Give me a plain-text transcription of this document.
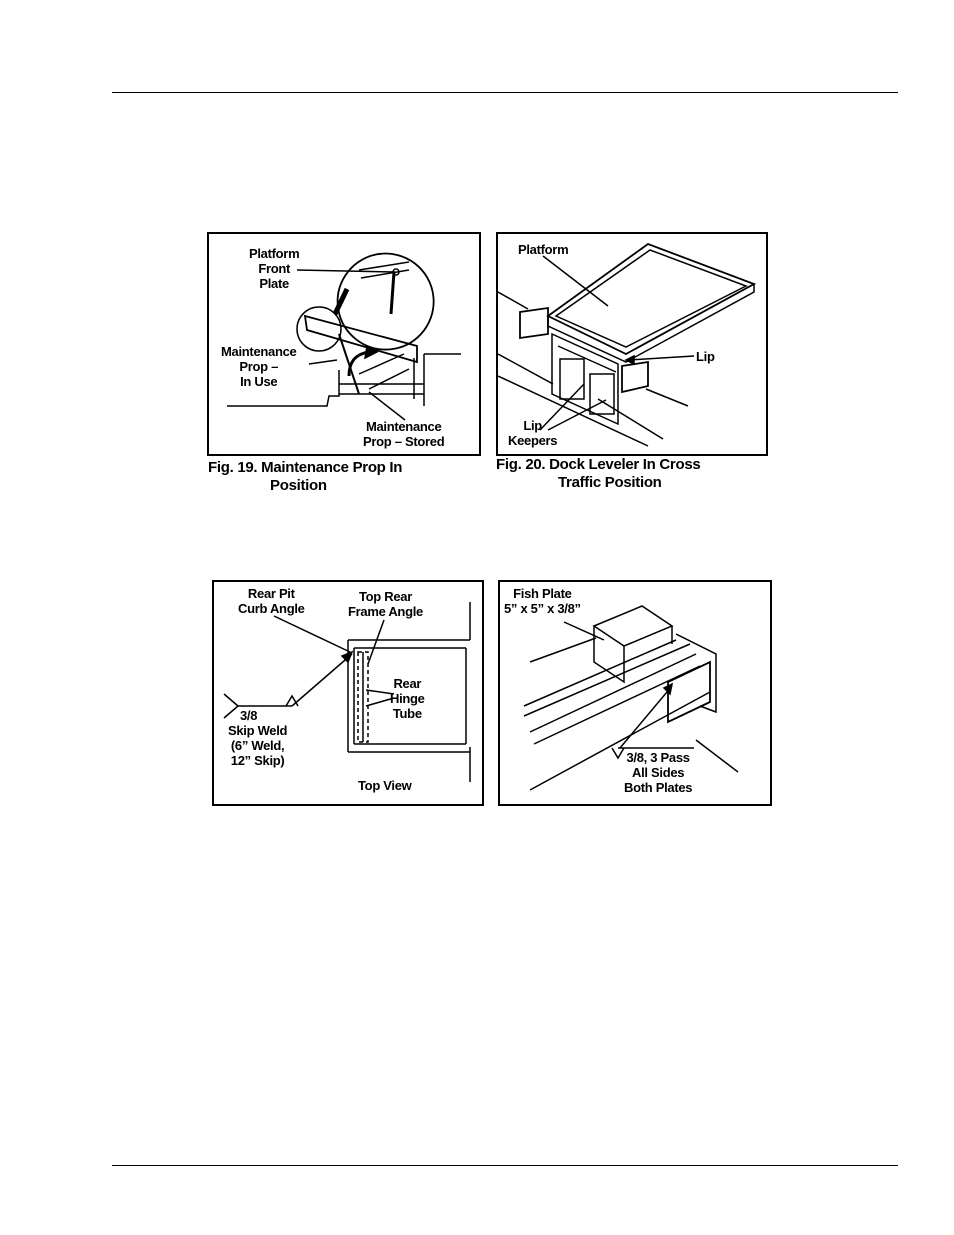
Platform
Front
Plate
Maintenance
Prop –
In Use
Maintenance
Prop – Stored
Fig. 19. Maintenance Prop In
Position
Platform
Lip
Lip
Keepers
Fig. 20. Dock Leveler In Cross
Traffic Position
Rear Pit
Curb Angle
Top Rear
Frame Angle
Rear
Hinge
Tube
3/8
Skip Weld
(6” Weld,
12” Skip)
Top View
Fish Plate
5” x 5” x 3/8”
3/8, 3 Pass
All Sides
Both Plates
